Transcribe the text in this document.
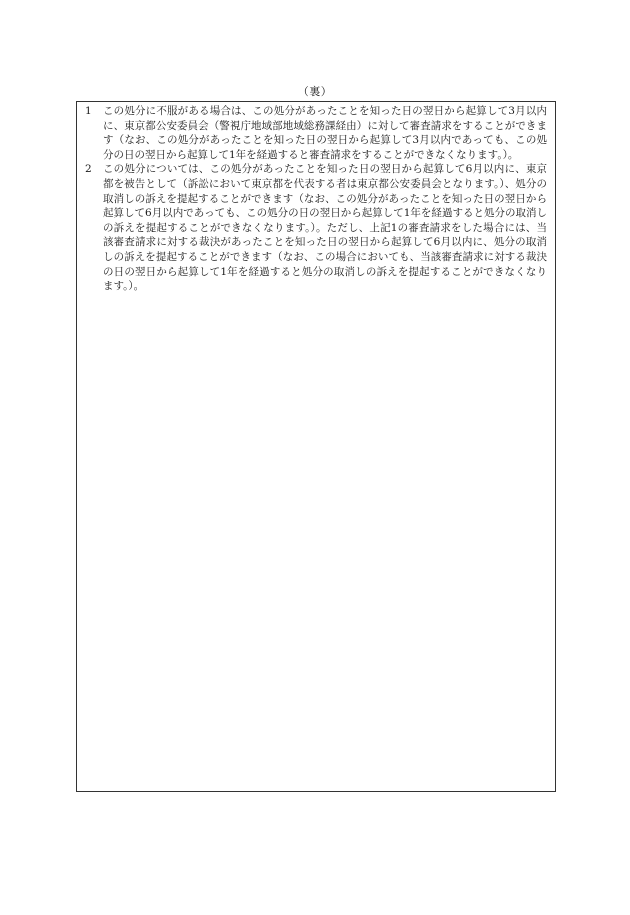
（裏）
1	この処分に不服がある場合は、この処分があったことを知った日の翌日から起算して3月以内に、東京都公安委員会（警視庁地域部地域総務課経由）に対して審査請求をすることができます（なお、この処分があったことを知った日の翌日から起算して3月以内であっても、この処分の日の翌日から起算して1年を経過すると審査請求をすることができなくなります。）。
2	この処分については、この処分があったことを知った日の翌日から起算して6月以内に、東京都を被告として（訴訟において東京都を代表する者は東京都公安委員会となります。）、処分の取消しの訴えを提起することができます（なお、この処分があったことを知った日の翌日から起算して6月以内であっても、この処分の日の翌日から起算して1年を経過すると処分の取消しの訴えを提起することができなくなります。）。ただし、上記1の審査請求をした場合には、当該審査請求に対する裁決があったことを知った日の翌日から起算して6月以内に、処分の取消しの訴えを提起することができます（なお、この場合においても、当該審査請求に対する裁決の日の翌日から起算して1年を経過すると処分の取消しの訴えを提起することができなくなります。）。
